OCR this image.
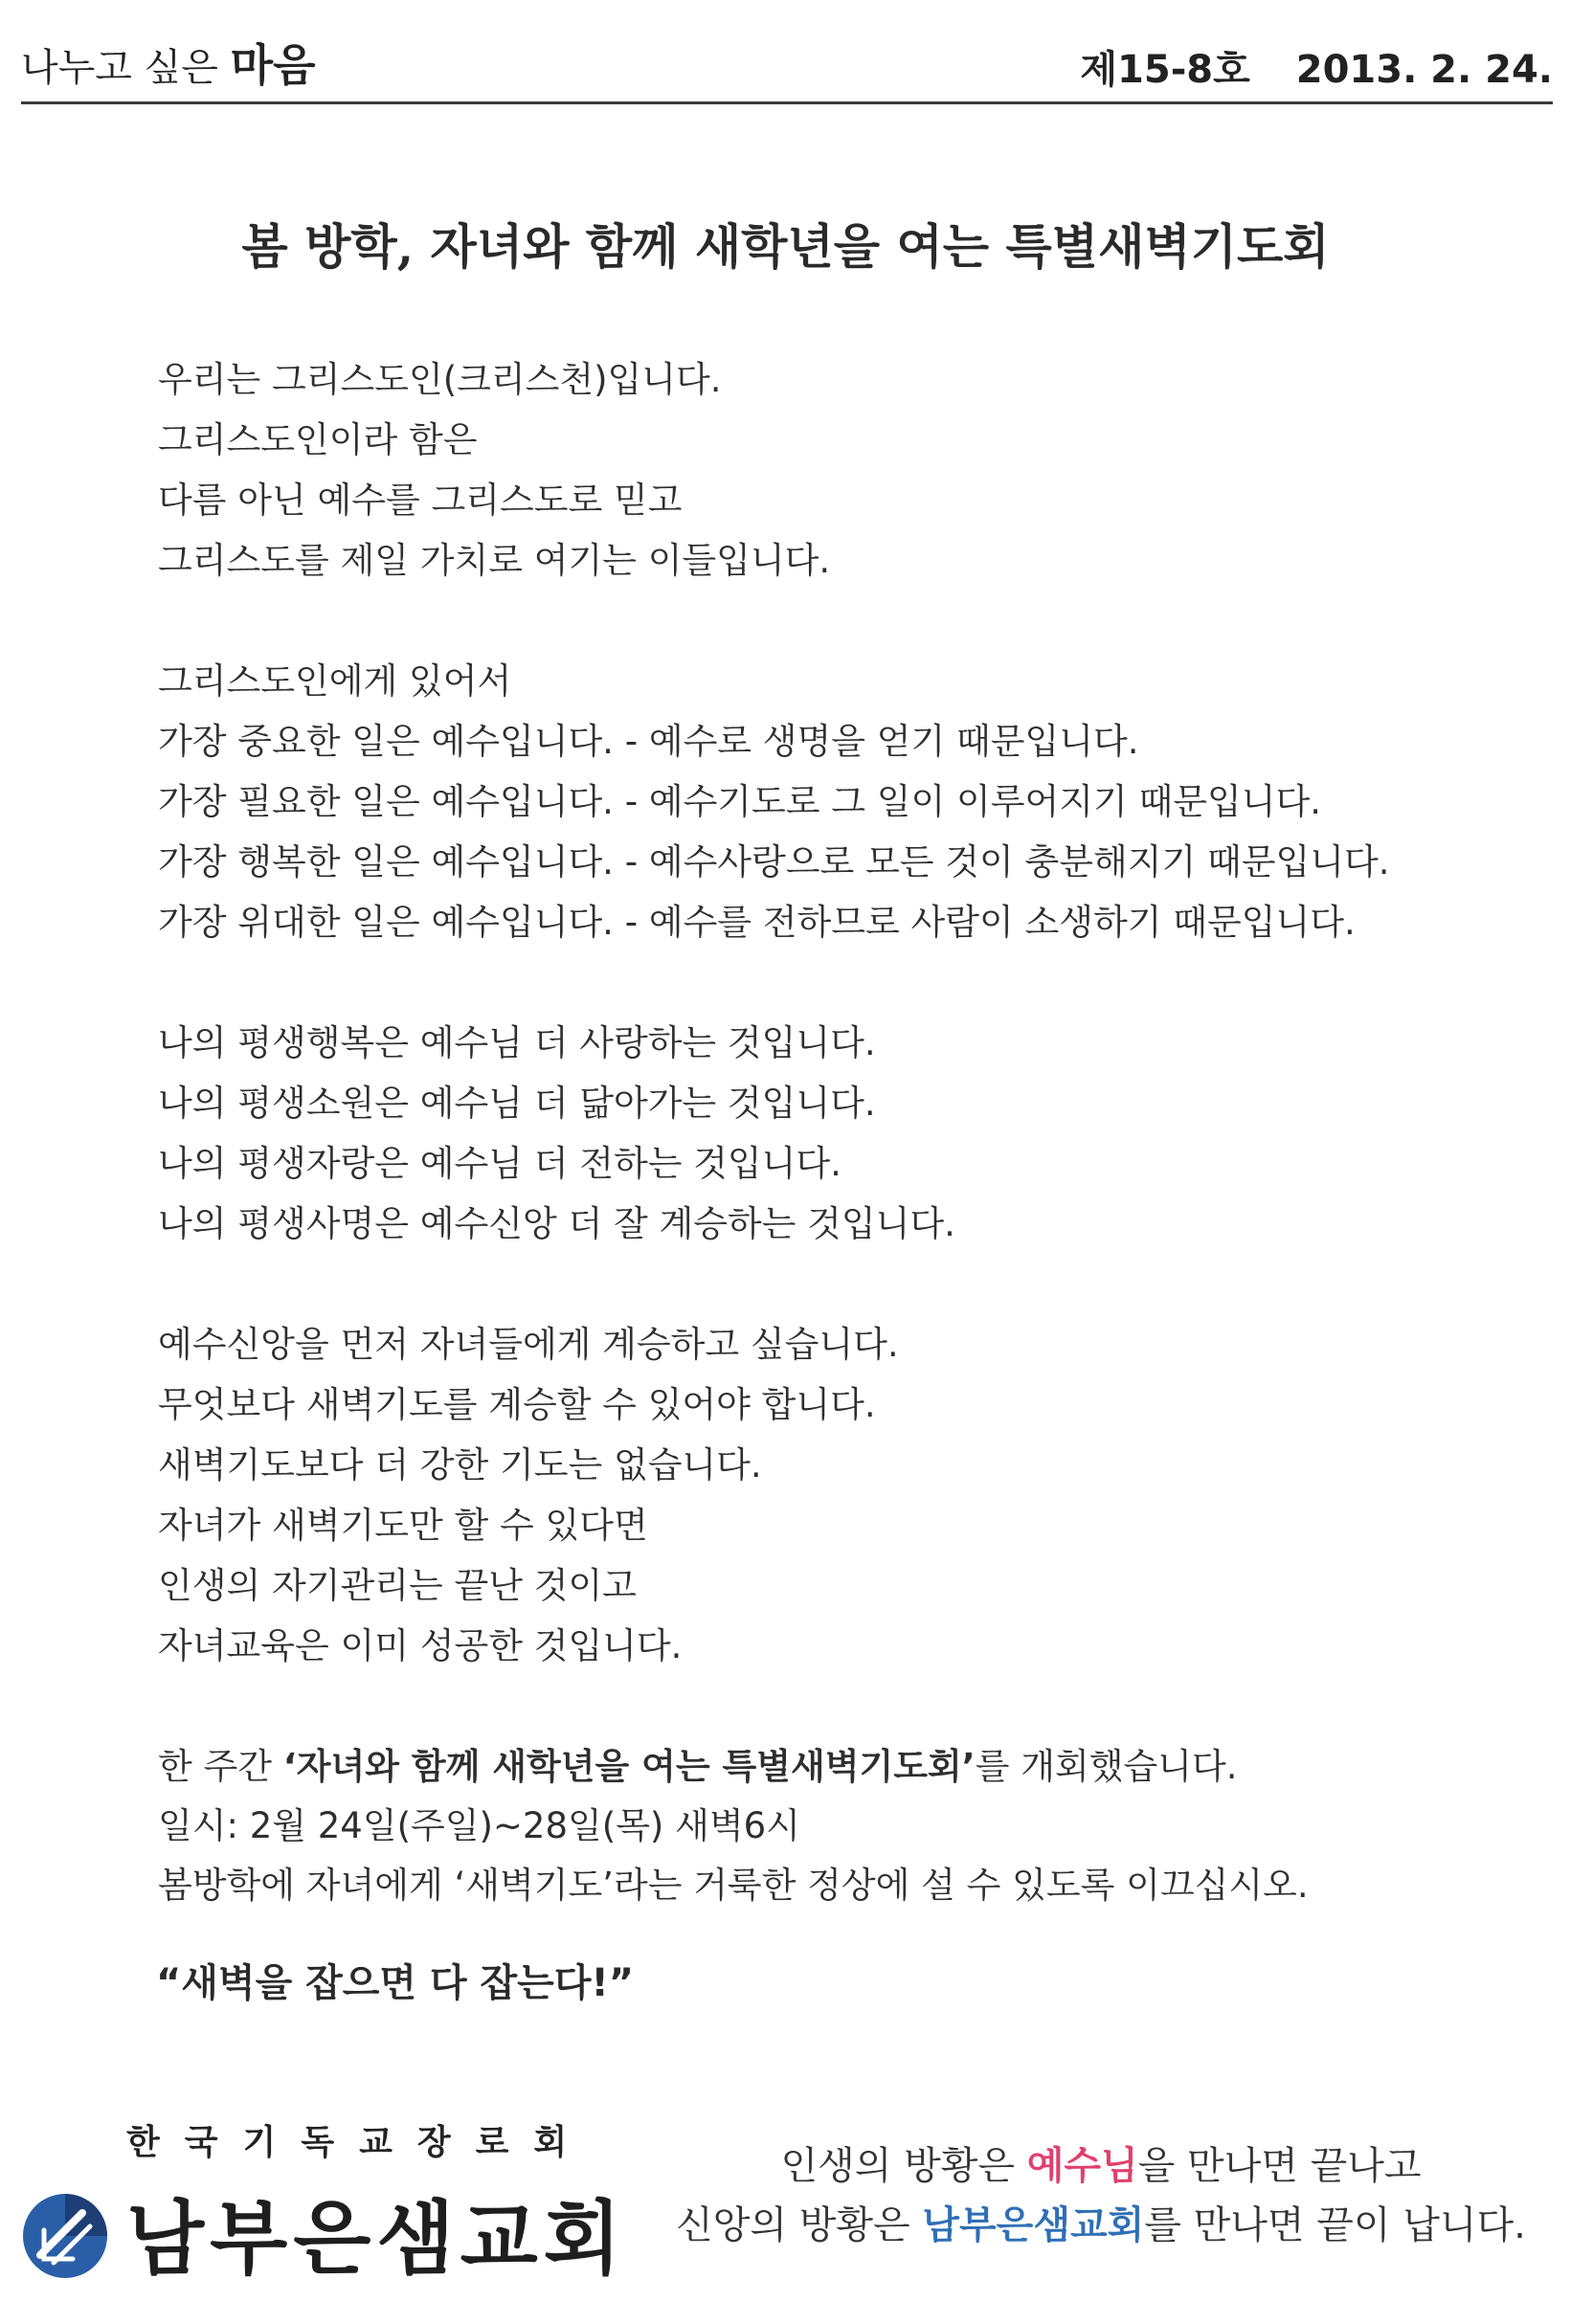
나누고 싶은 마음	제15-8호 2013. 2. 24.
봄 방학, 자녀와 함께 새학년을 여는 특별새벽기도회
우리는 그리스도인(크리스천)입니다.
그리스도인이라 함은
다름 아닌 예수를 그리스도로 믿고
그리스도를 제일 가치로 여기는 이들입니다.
그리스도인에게 있어서
가장 중요한 일은 예수입니다. - 예수로 생명을 얻기 때문입니다.
가장 필요한 일은 예수입니다. - 예수기도로 그 일이 이루어지기 때문입니다.
가장 행복한 일은 예수입니다. - 예수사랑으로 모든 것이 충분해지기 때문입니다.
가장 위대한 일은 예수입니다. - 예수를 전하므로 사람이 소생하기 때문입니다.
나의 평생행복은 예수님 더 사랑하는 것입니다.
나의 평생소원은 예수님 더 닮아가는 것입니다.
나의 평생자랑은 예수님 더 전하는 것입니다.
나의 평생사명은 예수신앙 더 잘 계승하는 것입니다.
예수신앙을 먼저 자녀들에게 계승하고 싶습니다.
무엇보다 새벽기도를 계승할 수 있어야 합니다.
새벽기도보다 더 강한 기도는 없습니다.
자녀가 새벽기도만 할 수 있다면
인생의 자기관리는 끝난 것이고
자녀교육은 이미 성공한 것입니다.
한 주간 ‘자녀와 함께 새학년을 여는 특별새벽기도회’를 개회했습니다.
일시: 2월 24일(주일)~28일(목) 새벽6시
봄방학에 자녀에게 ‘새벽기도’라는 거룩한 정상에 설 수 있도록 이끄십시오.
“새벽을 잡으면 다 잡는다!”
한국기독교장로회
남부은샘교회
인생의 방황은 예수님을 만나면 끝나고
신앙의 방황은 남부은샘교회를 만나면 끝이 납니다.
